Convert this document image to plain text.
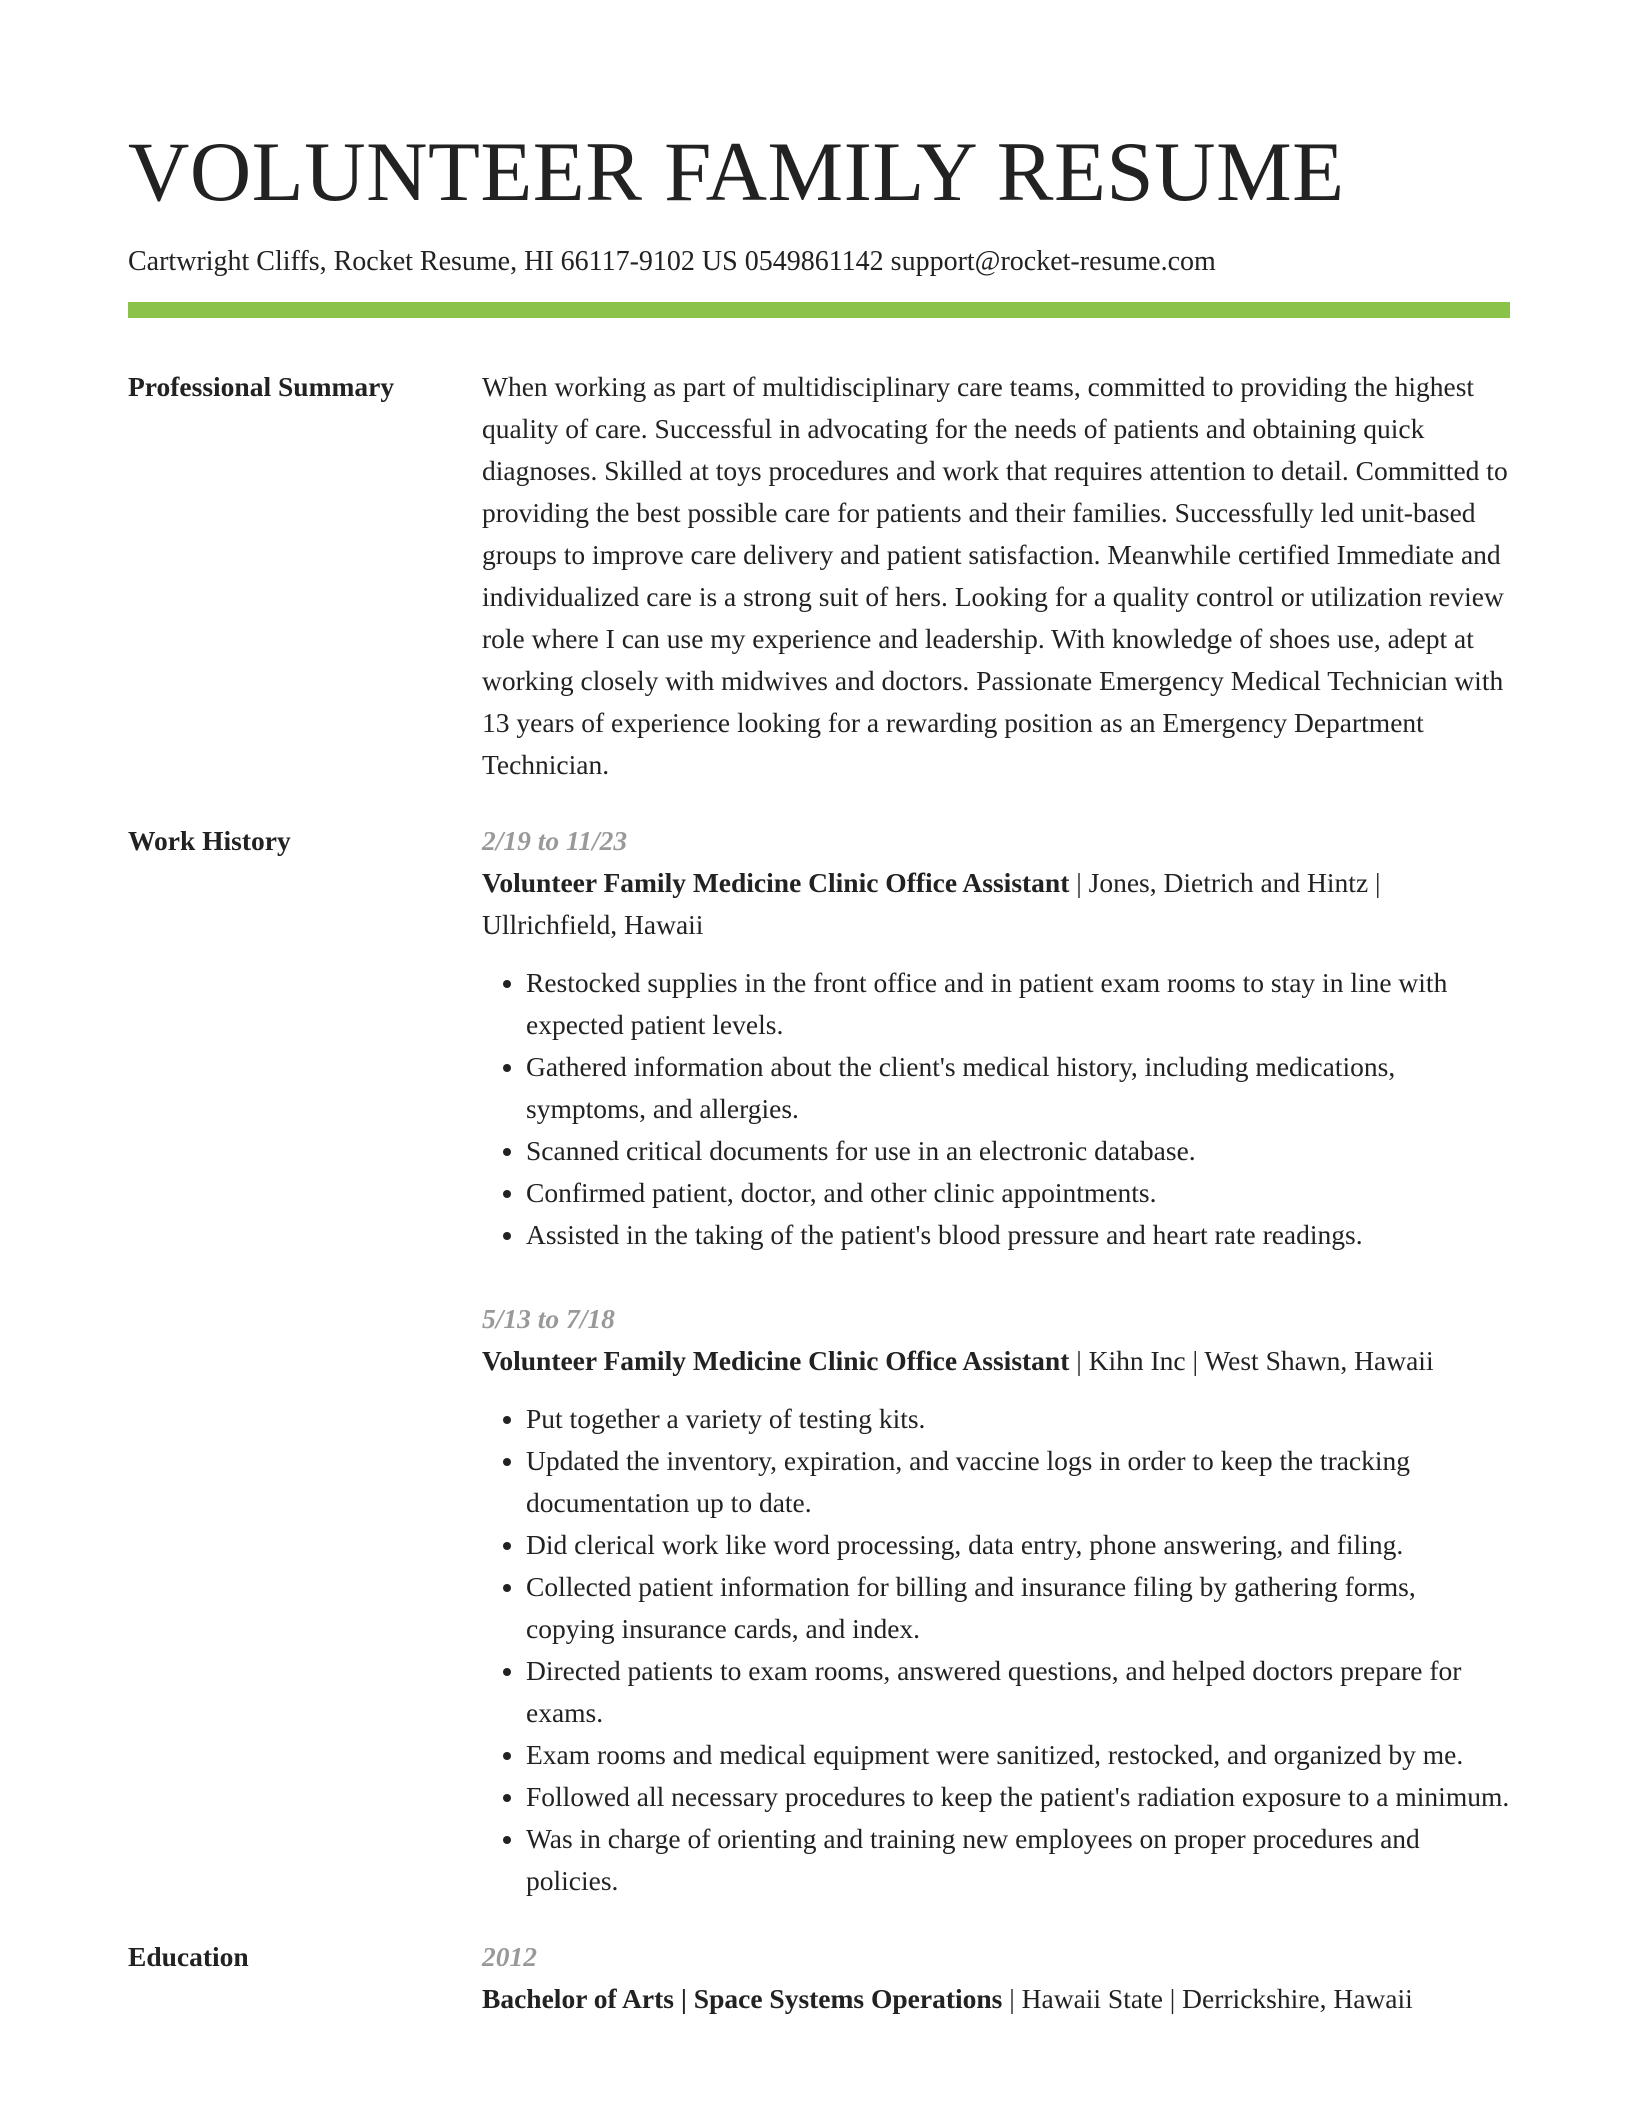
VOLUNTEER FAMILY RESUME
Cartwright Cliffs, Rocket Resume, HI 66117-9102 US 0549861142 support@rocket-resume.com
Professional Summary	When working as part of multidisciplinary care teams, committed to providing the highest quality of care. Successful in advocating for the needs of patients and obtaining quick diagnoses. Skilled at toys procedures and work that requires attention to detail. Committed to providing the best possible care for patients and their families. Successfully led unit-based groups to improve care delivery and patient satisfaction. Meanwhile certified Immediate and individualized care is a strong suit of hers. Looking for a quality control or utilization review role where I can use my experience and leadership. With knowledge of shoes use, adept at working closely with midwives and doctors. Passionate Emergency Medical Technician with 13 years of experience looking for a rewarding position as an Emergency Department Technician.

Work History	2/19 to 11/23
Volunteer Family Medicine Clinic Office Assistant | Jones, Dietrich and Hintz | Ullrichfield, Hawaii
• Restocked supplies in the front office and in patient exam rooms to stay in line with expected patient levels.
• Gathered information about the client's medical history, including medications, symptoms, and allergies.
• Scanned critical documents for use in an electronic database.
• Confirmed patient, doctor, and other clinic appointments.
• Assisted in the taking of the patient's blood pressure and heart rate readings.
5/13 to 7/18
Volunteer Family Medicine Clinic Office Assistant | Kihn Inc | West Shawn, Hawaii
• Put together a variety of testing kits.
• Updated the inventory, expiration, and vaccine logs in order to keep the tracking documentation up to date.
• Did clerical work like word processing, data entry, phone answering, and filing.
• Collected patient information for billing and insurance filing by gathering forms, copying insurance cards, and index.
• Directed patients to exam rooms, answered questions, and helped doctors prepare for exams.
• Exam rooms and medical equipment were sanitized, restocked, and organized by me.
• Followed all necessary procedures to keep the patient's radiation exposure to a minimum.
• Was in charge of orienting and training new employees on proper procedures and policies.
Education	2012
Bachelor of Arts | Space Systems Operations | Hawaii State | Derrickshire, Hawaii
